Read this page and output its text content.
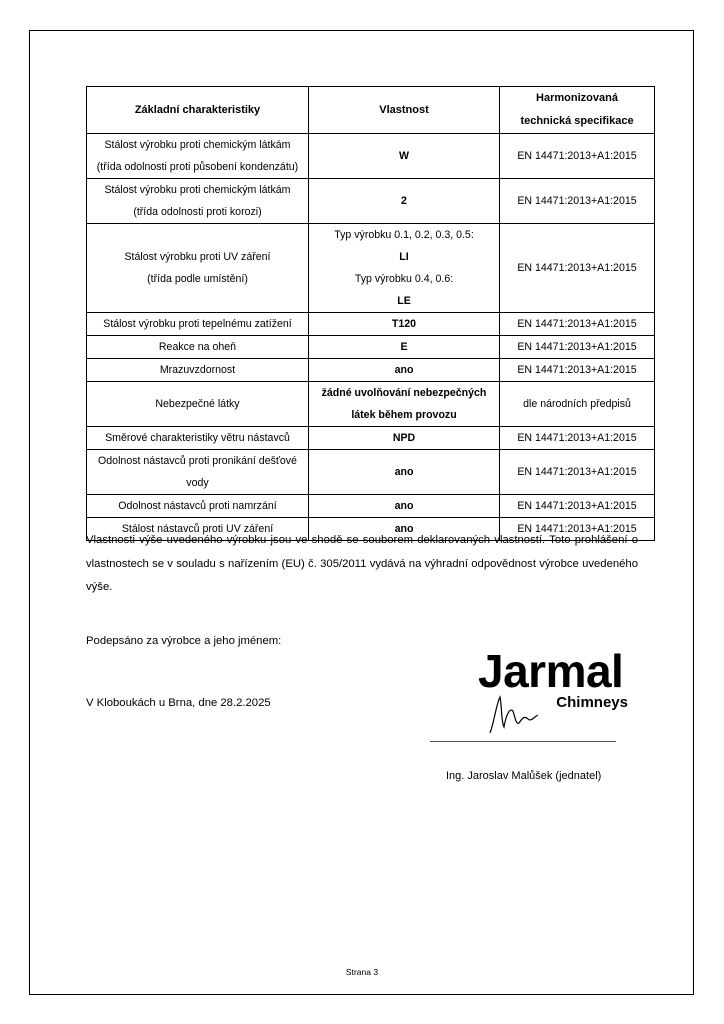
Základní charakteristiky	Vlastnost	Harmonizovaná
technická specifikace

Stálost výrobku proti chemickým látkám
(třída odolnosti proti působení kondenzátu)	W	EN 14471:2013+A1:2015

Stálost výrobku proti chemickým látkám
(třída odolnosti proti korozi)	2	EN 14471:2013+A1:2015

Stálost výrobku proti UV záření
(třída podle umístění)	Typ výrobku 0.1, 0.2, 0.3, 0.5:
LI
Typ výrobku 0.4, 0.6:
LE	EN 14471:2013+A1:2015
Stálost výrobku proti tepelnému zatížení	T120	EN 14471:2013+A1:2015
Reakce na oheň	E	EN 14471:2013+A1:2015
Mrazuvzdornost	ano	EN 14471:2013+A1:2015
Nebezpečné látky	žádné uvolňování nebezpečných
látek během provozu	dle národních předpisů
Směrové charakteristiky větru nástavců	NPD	EN 14471:2013+A1:2015

Odolnost nástavců proti pronikání dešťové
vody	ano	EN 14471:2013+A1:2015
Odolnost nástavců proti namrzání	ano	EN 14471:2013+A1:2015
Stálost nástavců proti UV záření	ano	EN 14471:2013+A1:2015
Vlastnosti výše uvedeného výrobku jsou ve shodě se souborem deklarovaných vlastností. Toto prohlášení o vlastnostech se v souladu s nařízením (EU) č. 305/2011 vydává na výhradní odpovědnost výrobce uvedeného výše.
Podepsáno za výrobce a jeho jménem:
V Kloboukách u Brna, dne 28.2.2025
Jarmal
Chimneys
Ing. Jaroslav Malůšek (jednatel)
Strana 3
